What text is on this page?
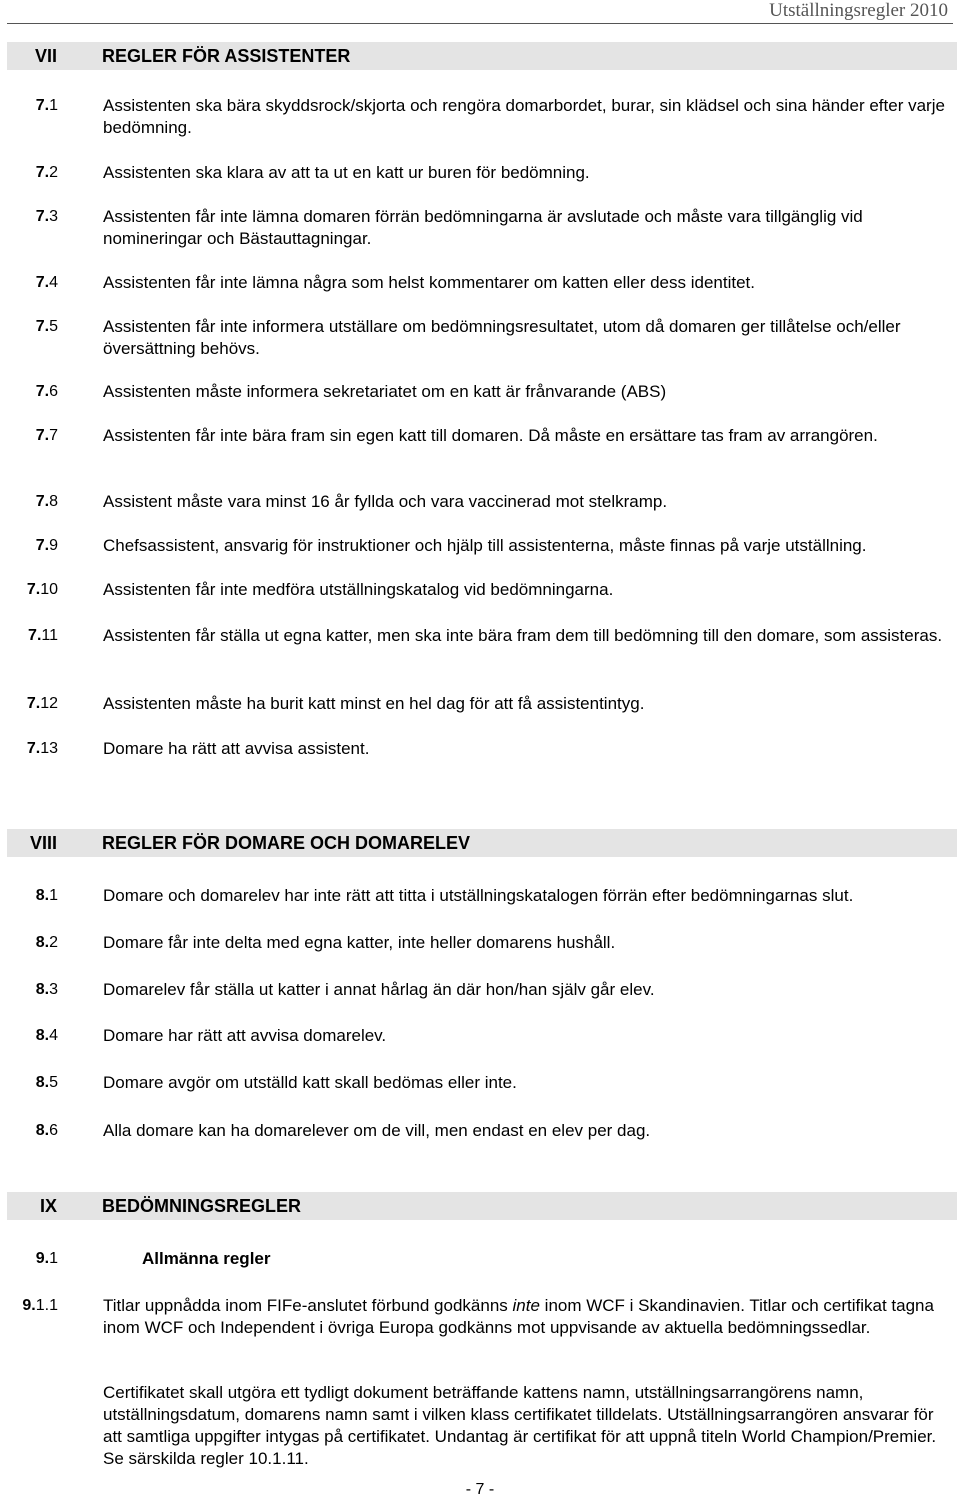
Utställningsregler 2010
VII	REGLER FÖR ASSISTENTER
7.1	Assistenten ska bära skyddsrock/skjorta och rengöra domarbordet, burar, sin klädsel och sina händer efter varje bedömning.
7.2	Assistenten ska klara av att ta ut en katt ur buren för bedömning.
7.3	Assistenten får inte lämna domaren förrän bedömningarna är avslutade och måste vara tillgänglig vid nomineringar och Bästauttagningar.
7.4	Assistenten får inte lämna några som helst kommentarer om katten eller dess identitet.
7.5	Assistenten får inte informera utställare om bedömningsresultatet, utom då domaren ger tillåtelse och/eller översättning behövs.
7.6	Assistenten måste informera sekretariatet om en katt är frånvarande (ABS)
7.7	Assistenten får inte bära fram sin egen katt till domaren. Då måste en ersättare tas fram av arrangören.
7.8	Assistent måste vara minst 16 år fyllda och vara vaccinerad mot stelkramp.
7.9	Chefsassistent, ansvarig för instruktioner och hjälp till assistenterna, måste finnas på varje utställning.
7.10	Assistenten får inte medföra utställningskatalog vid bedömningarna.
7.11	Assistenten får ställa ut egna katter, men ska inte bära fram dem till bedömning till den domare, som assisteras.
7.12	Assistenten måste ha burit katt minst en hel dag för att få assistentintyg.
7.13	Domare ha rätt att avvisa assistent.
VIII	REGLER FÖR DOMARE OCH DOMARELEV
8.1	Domare och domarelev har inte rätt att titta i utställningskatalogen förrän efter bedömningarnas slut.
8.2	Domare får inte delta med egna katter, inte heller domarens hushåll.
8.3	Domarelev får ställa ut katter i annat hårlag än där hon/han själv går elev.
8.4	Domare har rätt att avvisa domarelev.
8.5	Domare avgör om utställd katt skall bedömas eller inte.
8.6	Alla domare kan ha domarelever om de vill, men endast en elev per dag.
IX	BEDÖMNINGSREGLER
9.1	Allmänna regler
9.1.1	Titlar uppnådda inom FIFe-anslutet förbund godkänns inte inom WCF i Skandinavien. Titlar och certifikat tagna inom WCF och Independent i övriga Europa godkänns mot uppvisande av aktuella bedömningssedlar.
Certifikatet skall utgöra ett tydligt dokument beträffande kattens namn, utställningsarrangörens namn, utställningsdatum, domarens namn samt i vilken klass certifikatet tilldelats. Utställningsarrangören ansvarar för att samtliga uppgifter intygas på certifikatet. Undantag är certifikat för att uppnå titeln World Champion/Premier. Se särskilda regler 10.1.11.
- 7 -
